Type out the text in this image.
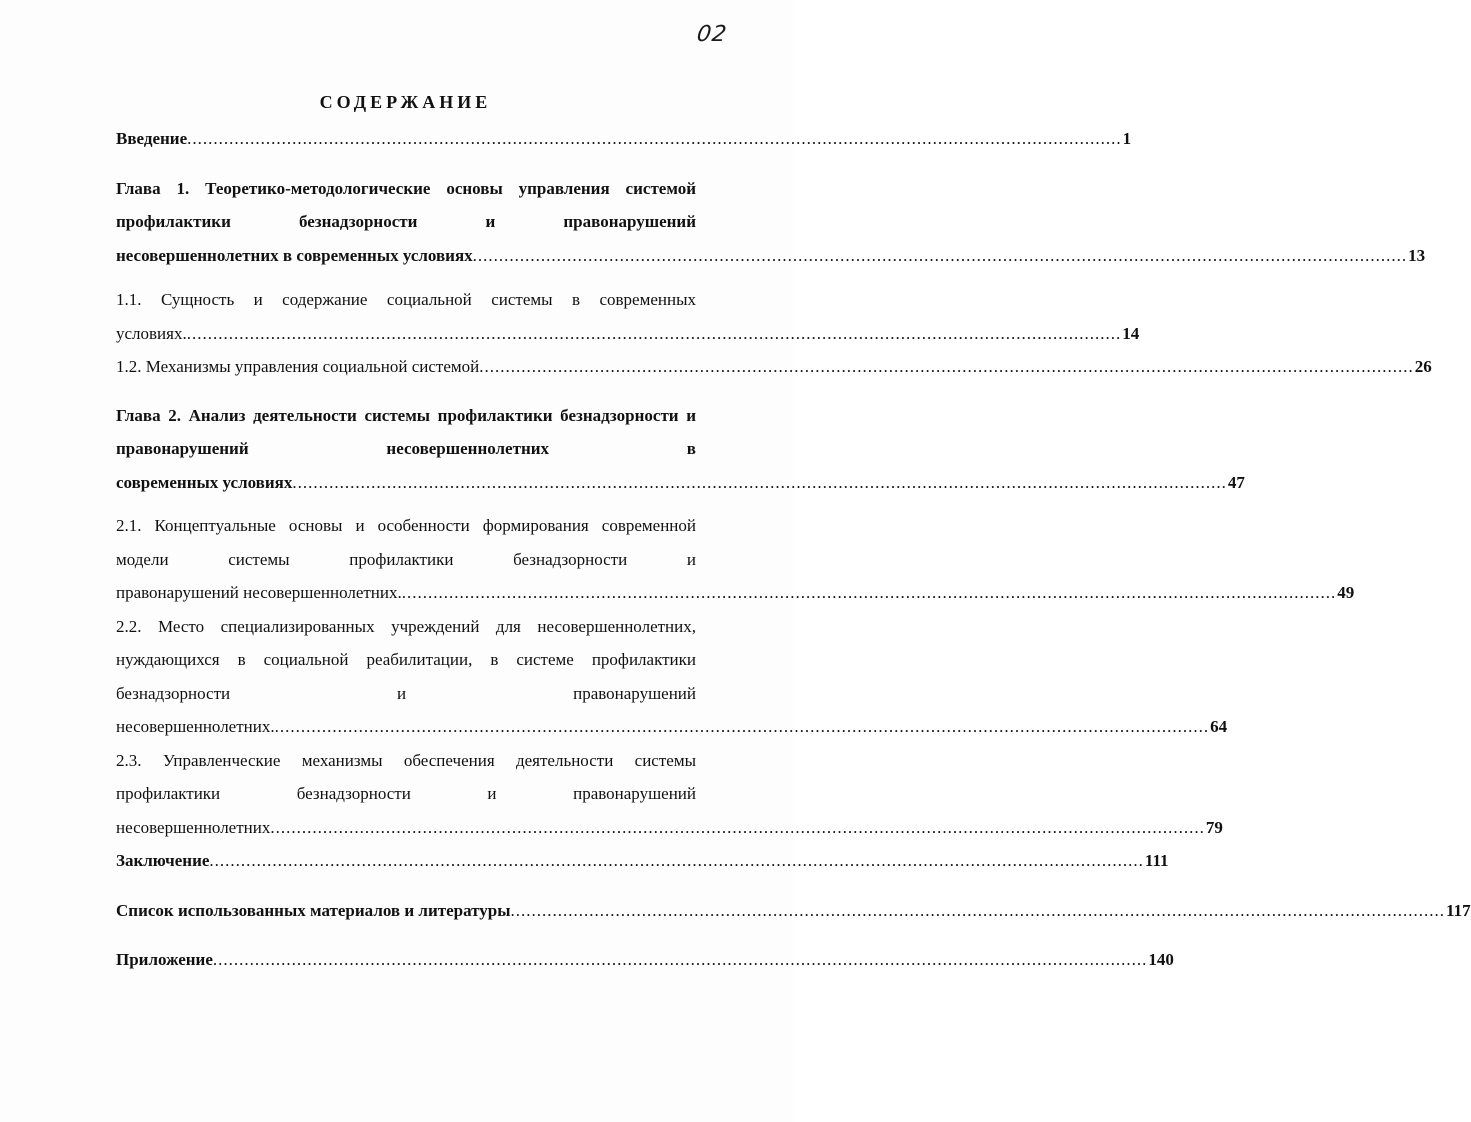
02
СОДЕРЖАНИЕ
Введение .................................................................................................................................................................................. 1
Глава 1. Теоретико-методологические основы управления системой профилактики безнадзорности и правонарушений
несовершеннолетних в современных условиях .................................................................................................................................................................................. 13
1.1. Сущность и содержание социальной системы в современных
условиях. .................................................................................................................................................................................. 14
1.2. Механизмы управления социальной системой .................................................................................................................................................................................. 26
Глава 2. Анализ деятельности системы профилактики безнадзорности и правонарушений несовершеннолетних в
современных условиях .................................................................................................................................................................................. 47
2.1. Концептуальные основы и особенности формирования современной модели системы профилактики безнадзорности и
правонарушений несовершеннолетних. .................................................................................................................................................................................. 49
2.2. Место специализированных учреждений для несовершеннолетних, нуждающихся в социальной реабилитации, в системе профилактики безнадзорности и правонарушений
несовершеннолетних. .................................................................................................................................................................................. 64
2.3. Управленческие механизмы обеспечения деятельности системы профилактики безнадзорности и правонарушений
несовершеннолетних .................................................................................................................................................................................. 79
Заключение .................................................................................................................................................................................. 111
Список использованных материалов и литературы .................................................................................................................................................................................. 117
Приложение .................................................................................................................................................................................. 140
